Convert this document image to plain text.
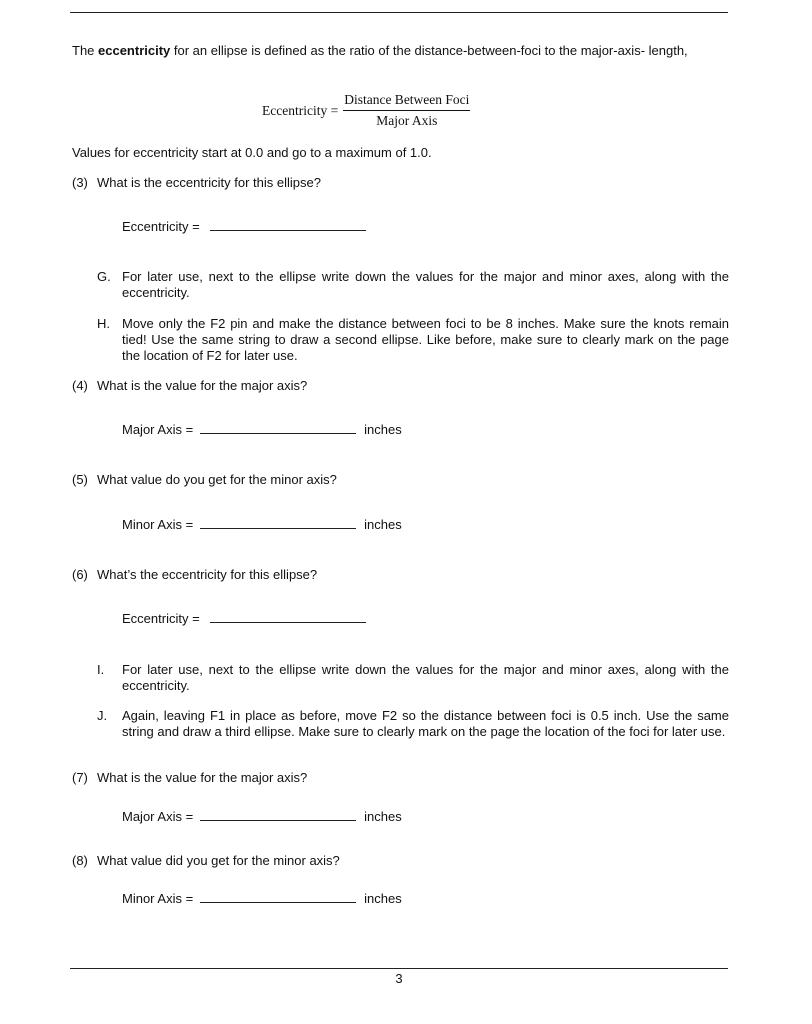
The eccentricity for an ellipse is defined as the ratio of the distance-between-foci to the major-axis- length,
Eccentricity = $\frac{\text{Distance Between Foci}}{\text{Major Axis}}$
Values for eccentricity start at 0.0 and go to a maximum of 1.0.
(3) What is the eccentricity for this ellipse?
Eccentricity =
G. For later use, next to the ellipse write down the values for the major and minor axes, along with the eccentricity.
H. Move only the F2 pin and make the distance between foci to be 8 inches. Make sure the knots remain tied! Use the same string to draw a second ellipse. Like before, make sure to clearly mark on the page the location of F2 for later use.
(4) What is the value for the major axis?
Major Axis =	inches
(5) What value do you get for the minor axis?
Minor Axis =	inches
(6) What’s the eccentricity for this ellipse?
Eccentricity =
I.	For later use, next to the ellipse write down the values for the major and minor axes, along with the eccentricity.
J.	Again, leaving F1 in place as before, move F2 so the distance between foci is 0.5 inch. Use the same string and draw a third ellipse. Make sure to clearly mark on the page the location of the foci for later use.
(7) What is the value for the major axis?
Major Axis =	inches
(8) What value did you get for the minor axis?
Minor Axis =	inches
3
